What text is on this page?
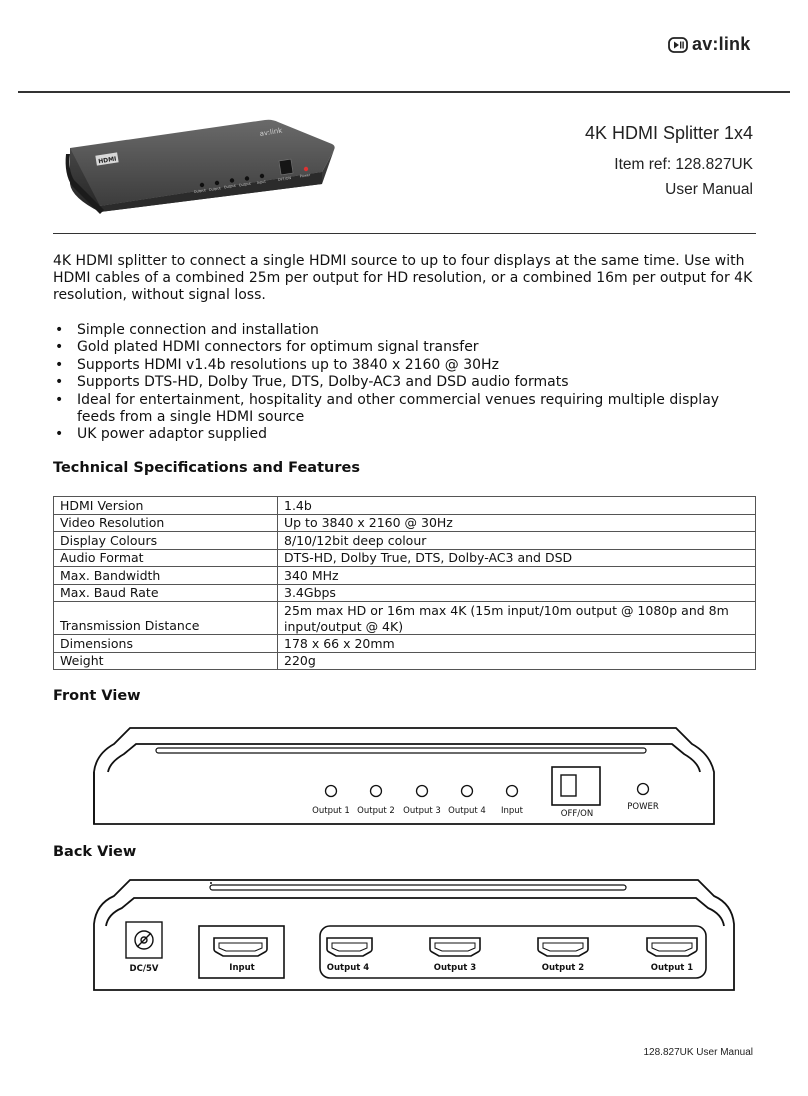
av:link
HDMI
av:link
Output Output Output Output Input
OFF/ON
Power
4K HDMI Splitter 1x4
Item ref: 128.827UK
User Manual
4K HDMI splitter to connect a single HDMI source to up to four displays at the same time. Use with HDMI cables of a combined 25m per output for HD resolution, or a combined 16m per output for 4K resolution, without signal loss.
• Simple connection and installation
• Gold plated HDMI connectors for optimum signal transfer
• Supports HDMI v1.4b resolutions up to 3840 x 2160 @ 30Hz
• Supports DTS-HD, Dolby True, DTS, Dolby-AC3 and DSD audio formats
• Ideal for entertainment, hospitality and other commercial venues requiring multiple display feeds from a single HDMI source
• UK power adaptor supplied
Technical Specifications and Features
HDMI Version	1.4b
Video Resolution	Up to 3840 x 2160 @ 30Hz
Display Colours	8/10/12bit deep colour
Audio Format	DTS-HD, Dolby True, DTS, Dolby-AC3 and DSD
Max. Bandwidth	340 MHz
Max. Baud Rate	3.4Gbps
Transmission Distance	25m max HD or 16m max 4K (15m input/10m output @ 1080p and 8m input/output @ 4K)
Dimensions	178 x 66 x 20mm
Weight	220g
Front View
Output 1 Output 2 Output 3 Output 4 Input	OFF/ON
POWER
Back View
DC/5V	Input	Output 4	Output 3	Output 2	Output 1
128.827UK User Manual
